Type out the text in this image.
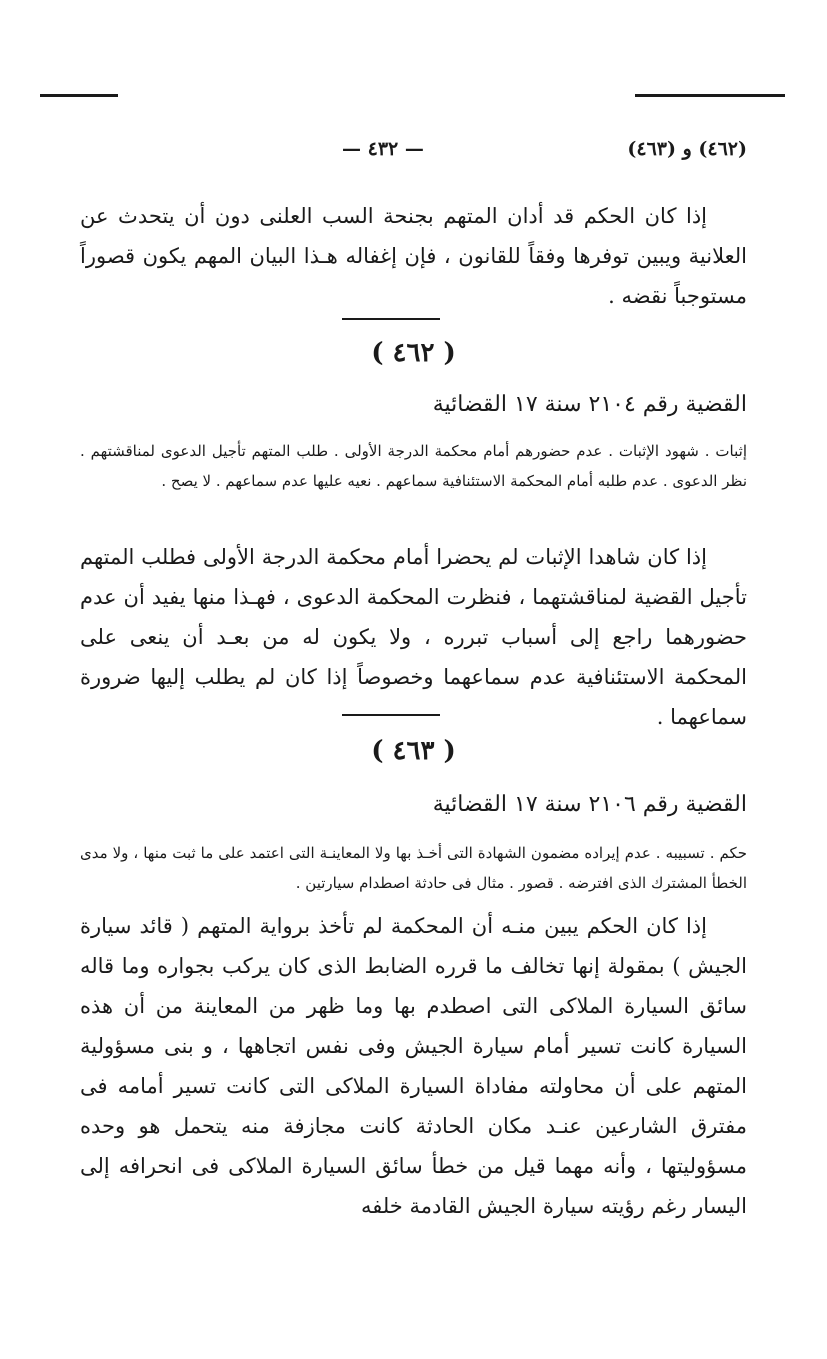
(٤٦٢) و (٤٦٣)
— ٤٣٢ —
إذا كان الحكم قد أدان المتهم بجنحة السب العلنى دون أن يتحدث عن العلانية ويبين توفرها وفقاً للقانون ، فإن إغفاله هـذا البيان المهم يكون قصوراً مستوجباً نقضه .
( ٤٦٢ )
القضية رقم ٢١٠٤ سنة ١٧ القضائية
إثبات . شهود الإثبات . عدم حضورهم أمام محكمة الدرجة الأولى . طلب المتهم تأجيل الدعوى لمناقشتهم . نظر الدعوى . عدم طلبه أمام المحكمة الاستئنافية سماعهم . نعيه عليها عدم سماعهم . لا يصح .
إذا كان شاهدا الإثبات لم يحضرا أمام محكمة الدرجة الأولى فطلب المتهم تأجيل القضية لمناقشتهما ، فنظرت المحكمة الدعوى ، فهـذا منها يفيد أن عدم حضورهما راجع إلى أسباب تبرره ، ولا يكون له من بعـد أن ينعى على المحكمة الاستئنافية عدم سماعهما وخصوصاً إذا كان لم يطلب إليها ضرورة سماعهما .
( ٤٦٣ )
القضية رقم ٢١٠٦ سنة ١٧ القضائية
حكم . تسبيبه . عدم إيراده مضمون الشهادة التى أخـذ بها ولا المعاينـة التى اعتمد على ما ثبت منها ، ولا مدى الخطأ المشترك الذى افترضه . قصور . مثال فى حادثة اصطدام سيارتين .
إذا كان الحكم يبين منـه أن المحكمة لم تأخذ برواية المتهم ( قائد سيارة الجيش ) بمقولة إنها تخالف ما قرره الضابط الذى كان يركب بجواره وما قاله سائق السيارة الملاكى التى اصطدم بها وما ظهر من المعاينة من أن هذه السيارة كانت تسير أمام سيارة الجيش وفى نفس اتجاهها ، و بنى مسؤولية المتهم على أن محاولته مفاداة السيارة الملاكى التى كانت تسير أمامه فى مفترق الشارعين عنـد مكان الحادثة كانت مجازفة منه يتحمل هو وحده مسؤوليتها ، وأنه مهما قيل من خطأ سائق السيارة الملاكى فى انحرافه إلى اليسار رغم رؤيته سيارة الجيش القادمة خلفه
